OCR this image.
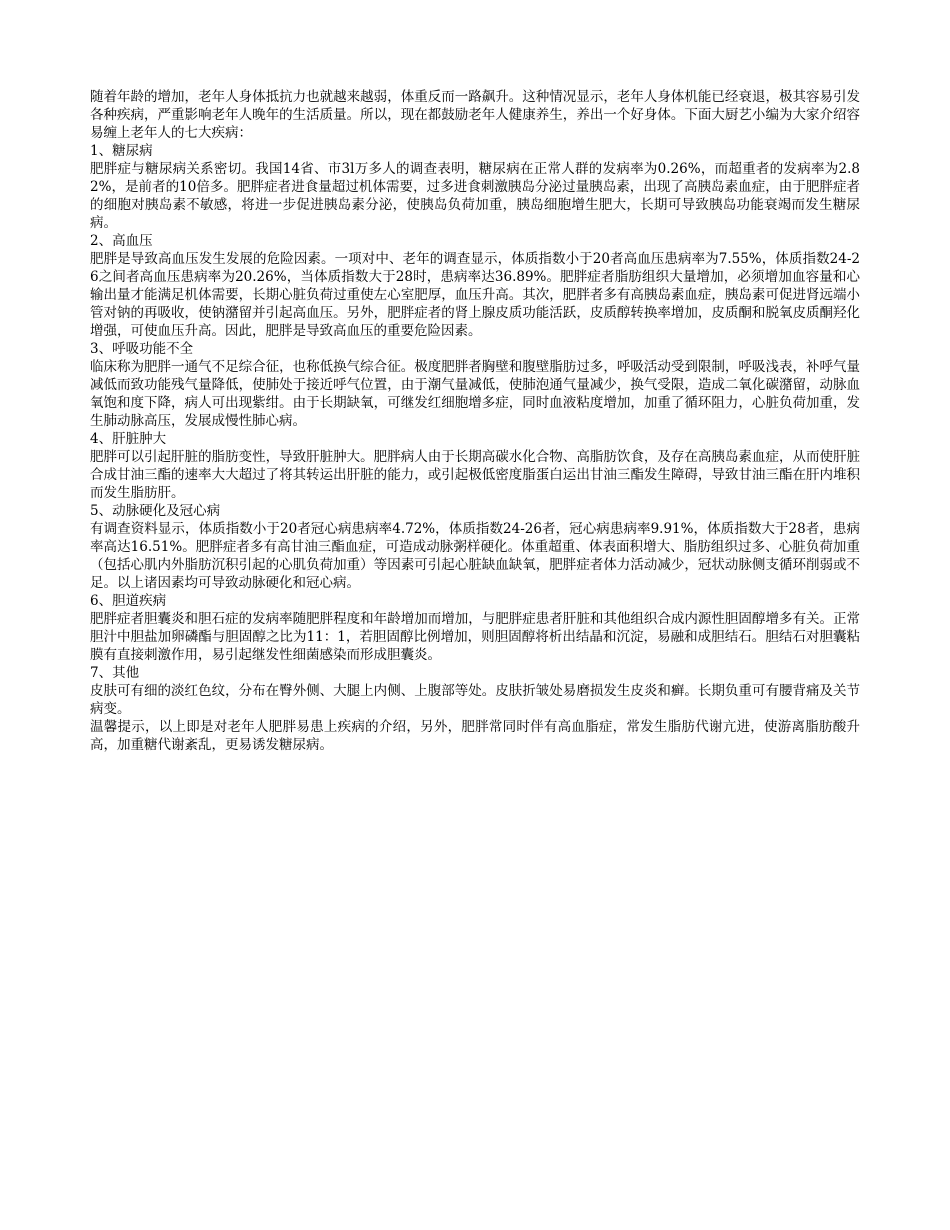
随着年龄的增加，老年人身体抵抗力也就越来越弱，体重反而一路飙升。这种情况显示，老年人身体机能已经衰退，极其容易引发各种疾病，严重影响老年人晚年的生活质量。所以，现在都鼓励老年人健康养生，养出一个好身体。下面大厨艺小编为大家介绍容易缠上老年人的七大疾病：

1、糖尿病

肥胖症与糖尿病关系密切。我国14省、市3l万多人的调查表明，糖尿病在正常人群的发病率为0.26%，而超重者的发病率为2.82%，是前者的10倍多。肥胖症者进食量超过机体需要，过多进食刺激胰岛分泌过量胰岛素，出现了高胰岛素血症，由于肥胖症者的细胞对胰岛素不敏感，将进一步促进胰岛素分泌，使胰岛负荷加重，胰岛细胞增生肥大，长期可导致胰岛功能衰竭而发生糖尿病。

2、高血压

肥胖是导致高血压发生发展的危险因素。一项对中、老年的调查显示，体质指数小于20者高血压患病率为7.55%，体质指数24-26之间者高血压患病率为20.26%，当体质指数大于28时，患病率达36.89%。肥胖症者脂肪组织大量增加，必须增加血容量和心输出量才能满足机体需要，长期心脏负荷过重使左心室肥厚，血压升高。其次，肥胖者多有高胰岛素血症，胰岛素可促进肾远端小管对钠的再吸收，使钠潴留并引起高血压。另外，肥胖症者的肾上腺皮质功能活跃，皮质醇转换率增加，皮质酮和脱氧皮质酮羟化增强，可使血压升高。因此，肥胖是导致高血压的重要危险因素。

3、呼吸功能不全

临床称为肥胖一通气不足综合征，也称低换气综合征。极度肥胖者胸壁和腹壁脂肪过多，呼吸活动受到限制，呼吸浅表，补呼气量减低而致功能残气量降低，使肺处于接近呼气位置，由于潮气量减低，使肺泡通气量减少，换气受限，造成二氧化碳潴留，动脉血氧饱和度下降，病人可出现紫绀。由于长期缺氧，可继发红细胞增多症，同时血液粘度增加，加重了循环阻力，心脏负荷加重，发生肺动脉高压，发展成慢性肺心病。

4、肝脏肿大

肥胖可以引起肝脏的脂肪变性，导致肝脏肿大。肥胖病人由于长期高碳水化合物、高脂肪饮食，及存在高胰岛素血症，从而使肝脏合成甘油三酯的速率大大超过了将其转运出肝脏的能力，或引起极低密度脂蛋白运出甘油三酯发生障碍，导致甘油三酯在肝内堆积而发生脂肪肝。

5、动脉硬化及冠心病

有调查资料显示，体质指数小于20者冠心病患病率4.72%，体质指数24-26者，冠心病患病率9.91%，体质指数大于28者，患病率高达16.51%。肥胖症者多有高甘油三酯血症，可造成动脉粥样硬化。体重超重、体表面积增大、脂肪组织过多、心脏负荷加重（包括心肌内外脂肪沉积引起的心肌负荷加重）等因素可引起心脏缺血缺氧，肥胖症者体力活动减少，冠状动脉侧支循环削弱或不足。以上诸因素均可导致动脉硬化和冠心病。

6、胆道疾病

肥胖症者胆囊炎和胆石症的发病率随肥胖程度和年龄增加而增加，与肥胖症患者肝脏和其他组织合成内源性胆固醇增多有关。正常胆汁中胆盐加卵磷酯与胆固醇之比为11：1，若胆固醇比例增加，则胆固醇将析出结晶和沉淀，易融和成胆结石。胆结石对胆囊粘膜有直接刺激作用，易引起继发性细菌感染而形成胆囊炎。

7、其他

皮肤可有细的淡红色纹，分布在臀外侧、大腿上内侧、上腹部等处。皮肤折皱处易磨损发生皮炎和癣。长期负重可有腰背痛及关节病变。

温馨提示，以上即是对老年人肥胖易患上疾病的介绍，另外，肥胖常同时伴有高血脂症，常发生脂肪代谢亢进，使游离脂肪酸升高，加重糖代谢紊乱，更易诱发糖尿病。
